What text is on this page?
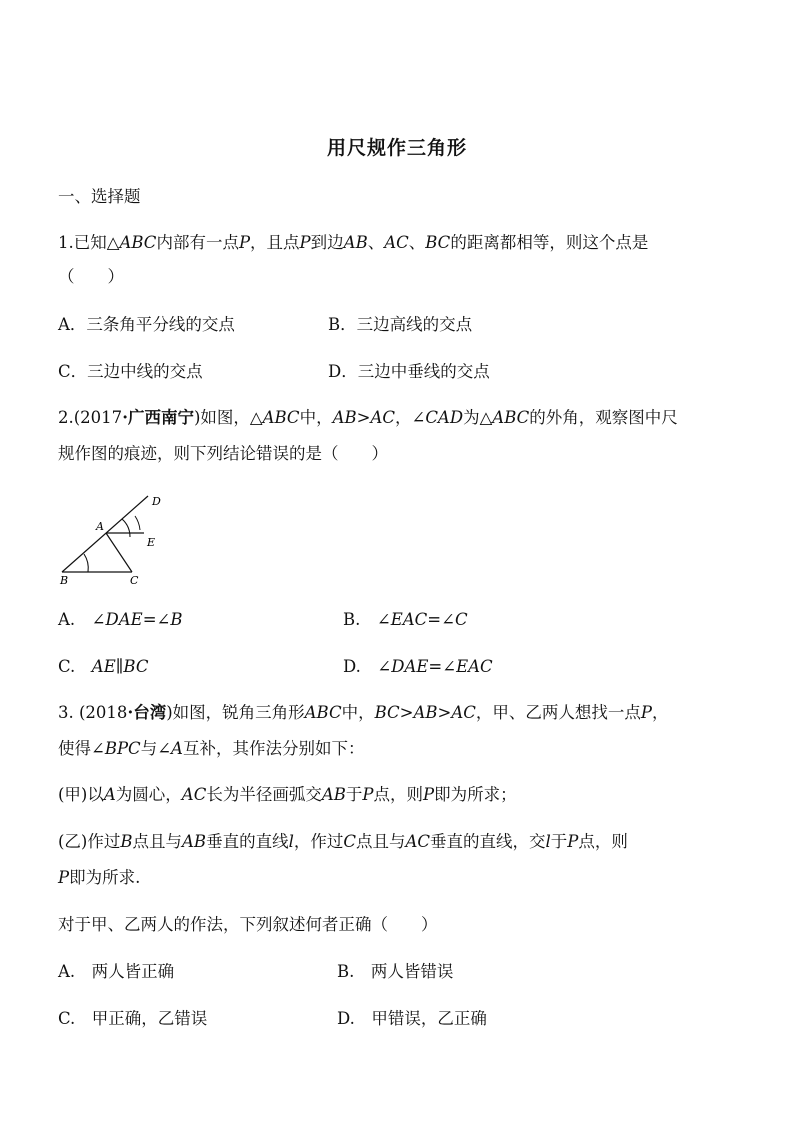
用尺规作三角形
一、选择题
1.已知△ABC内部有一点P，且点P到边AB、AC、BC的距离都相等，则这个点是
（　　）
A．三条角平分线的交点	B．三边高线的交点
C．三边中线的交点	D．三边中垂线的交点
2.(2017·广西南宁)如图，△ABC中，AB>AC，∠CAD为△ABC的外角，观察图中尺
规作图的痕迹，则下列结论错误的是（　　）
A
B	C
D
E
A.　∠DAE=∠B	B.　∠EAC=∠C
C.　AE∥BC	D.　∠DAE=∠EAC
3. (2018·台湾)如图，锐角三角形ABC中，BC>AB>AC，甲、乙两人想找一点P，
使得∠BPC与∠A互补，其作法分别如下：
(甲)以A为圆心，AC长为半径画弧交AB于P点，则P即为所求；
(乙)作过B点且与AB垂直的直线l，作过C点且与AC垂直的直线，交l于P点，则
P即为所求.
对于甲、乙两人的作法，下列叙述何者正确（　　）
A.　两人皆正确	B.　两人皆错误
C.　甲正确，乙错误	D.　甲错误，乙正确
